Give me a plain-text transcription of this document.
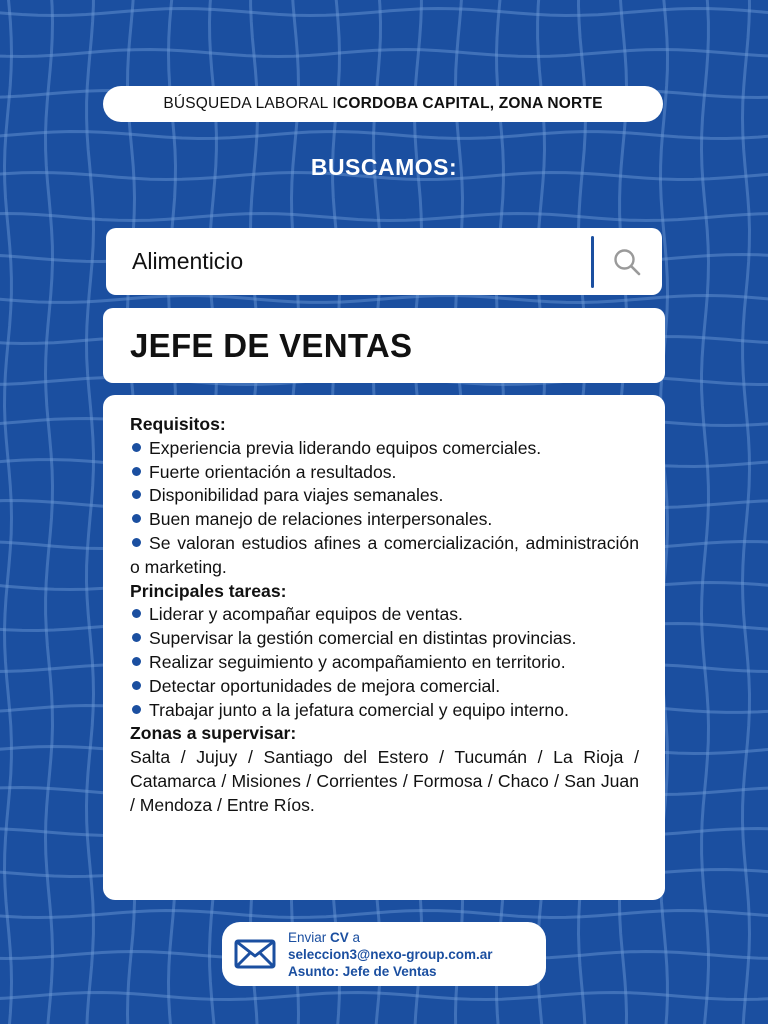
BÚSQUEDA LABORAL I CORDOBA CAPITAL, ZONA NORTE
BUSCAMOS:
Alimenticio
JEFE DE VENTAS
Requisitos:
Experiencia previa liderando equipos comerciales.
Fuerte orientación a resultados.
Disponibilidad para viajes semanales.
Buen manejo de relaciones interpersonales.
Se valoran estudios afines a comercialización, administración o marketing.
Principales tareas:
Liderar y acompañar equipos de ventas.
Supervisar la gestión comercial en distintas provincias.
Realizar seguimiento y acompañamiento en territorio.
Detectar oportunidades de mejora comercial.
Trabajar junto a la jefatura comercial y equipo interno.
Zonas a supervisar:
Salta / Jujuy / Santiago del Estero / Tucumán / La Rioja / Catamarca / Misiones / Corrientes / Formosa / Chaco / San Juan / Mendoza / Entre Ríos.
Enviar CV a
seleccion3@nexo-group.com.ar
Asunto: Jefe de Ventas
